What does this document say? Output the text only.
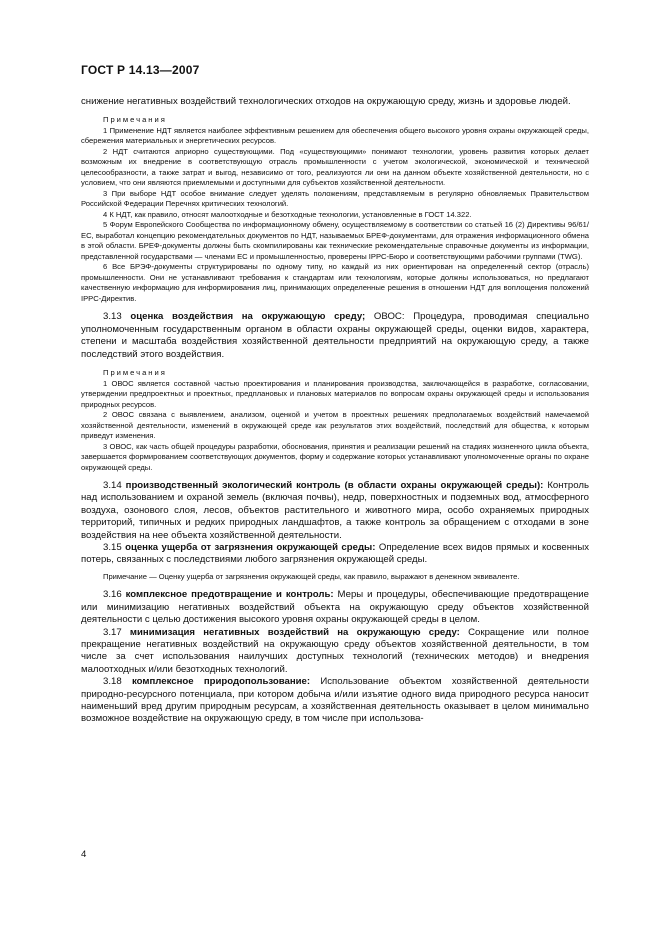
ГОСТ Р 14.13—2007

снижение негативных воздействий технологических отходов на окружающую среду, жизнь и здоровье людей.

Примечания

1 Применение НДТ является наиболее эффективным решением для обеспечения общего высокого уровня охраны окружающей среды, сбережения материальных и энергетических ресурсов.

2 НДТ считаются априорно существующими. Под «существующими» понимают технологии, уровень развития которых делает возможным их внедрение в соответствующую отрасль промышленности с учетом экологической, экономической и технической целесообразности, а также затрат и выгод, независимо от того, реализуются ли они на данном объекте хозяйственной деятельности, но с условием, что они являются приемлемыми и доступными для субъектов хозяйственной деятельности.

3 При выборе НДТ особое внимание следует уделять положениям, представляемым в регулярно обновляемых Правительством Российской Федерации Перечнях критических технологий.

4 К НДТ, как правило, относят малоотходные и безотходные технологии, установленные в ГОСТ 14.322.

5 Форум Европейского Сообщества по информационному обмену, осуществляемому в соответствии со статьей 16 (2) Директивы 96/61/ЕС, выработал концепцию рекомендательных документов по НДТ, называемых БРЕФ-документами, для отражения информационного обмена в этой области. БРЕФ-документы должны быть скомпилированы как технические рекомендательные справочные документы из информации, представленной государствами — членами ЕС и промышленностью, проверены IPPC-Бюро и соответствующими рабочими группами (TWG).

6 Все БРЭФ-документы структурированы по одному типу, но каждый из них ориентирован на определенный сектор (отрасль) промышленности. Они не устанавливают требования к стандартам или технологиям, которые должны использоваться, но предлагают качественную информацию для информирования лиц, принимающих определенные решения в отношении НДТ для воплощения положений IPPC-Директив.

3.13 оценка воздействия на окружающую среду; ОВОС: Процедура, проводимая специально уполномоченным государственным органом в области охраны окружающей среды, оценки видов, характера, степени и масштаба воздействия хозяйственной деятельности предприятий на окружающую среду, а также последствий этого воздействия.

Примечания

1 ОВОС является составной частью проектирования и планирования производства, заключающейся в разработке, согласовании, утверждении предпроектных и проектных, предплановых и плановых материалов по вопросам охраны окружающей среды и использования природных ресурсов.

2 ОВОС связана с выявлением, анализом, оценкой и учетом в проектных решениях предполагаемых воздействий намечаемой хозяйственной деятельности, изменений в окружающей среде как результатов этих воздействий, последствий для общества, к которым приведут изменения.

3 ОВОС, как часть общей процедуры разработки, обоснования, принятия и реализации решений на стадиях жизненного цикла объекта, завершается формированием соответствующих документов, форму и содержание которых устанавливают уполномоченные органы по охране окружающей среды.

3.14 производственный экологический контроль (в области охраны окружающей среды): Контроль над использованием и охраной земель (включая почвы), недр, поверхностных и подземных вод, атмосферного воздуха, озонового слоя, лесов, объектов растительного и животного мира, особо охраняемых природных территорий, типичных и редких природных ландшафтов, а также контроль за обращением с отходами в зоне воздействия на нее объекта хозяйственной деятельности.

3.15 оценка ущерба от загрязнения окружающей среды: Определение всех видов прямых и косвенных потерь, связанных с последствиями любого загрязнения окружающей среды.

Примечание — Оценку ущерба от загрязнения окружающей среды, как правило, выражают в денежном эквиваленте.

3.16 комплексное предотвращение и контроль: Меры и процедуры, обеспечивающие предотвращение или минимизацию негативных воздействий объекта на окружающую среду объектов хозяйственной деятельности с целью достижения высокого уровня охраны окружающей среды в целом.

3.17 минимизация негативных воздействий на окружающую среду: Сокращение или полное прекращение негативных воздействий на окружающую среду объектов хозяйственной деятельности, в том числе за счет использования наилучших доступных технологий (технических методов) и внедрения малоотходных и/или безотходных технологий.

3.18 комплексное природопользование: Использование объектом хозяйственной деятельности природно-ресурсного потенциала, при котором добыча и/или изъятие одного вида природного ресурса наносит наименьший вред другим природным ресурсам, а хозяйственная деятельность оказывает в целом минимально возможное воздействие на окружающую среду, в том числе при использова-

4
